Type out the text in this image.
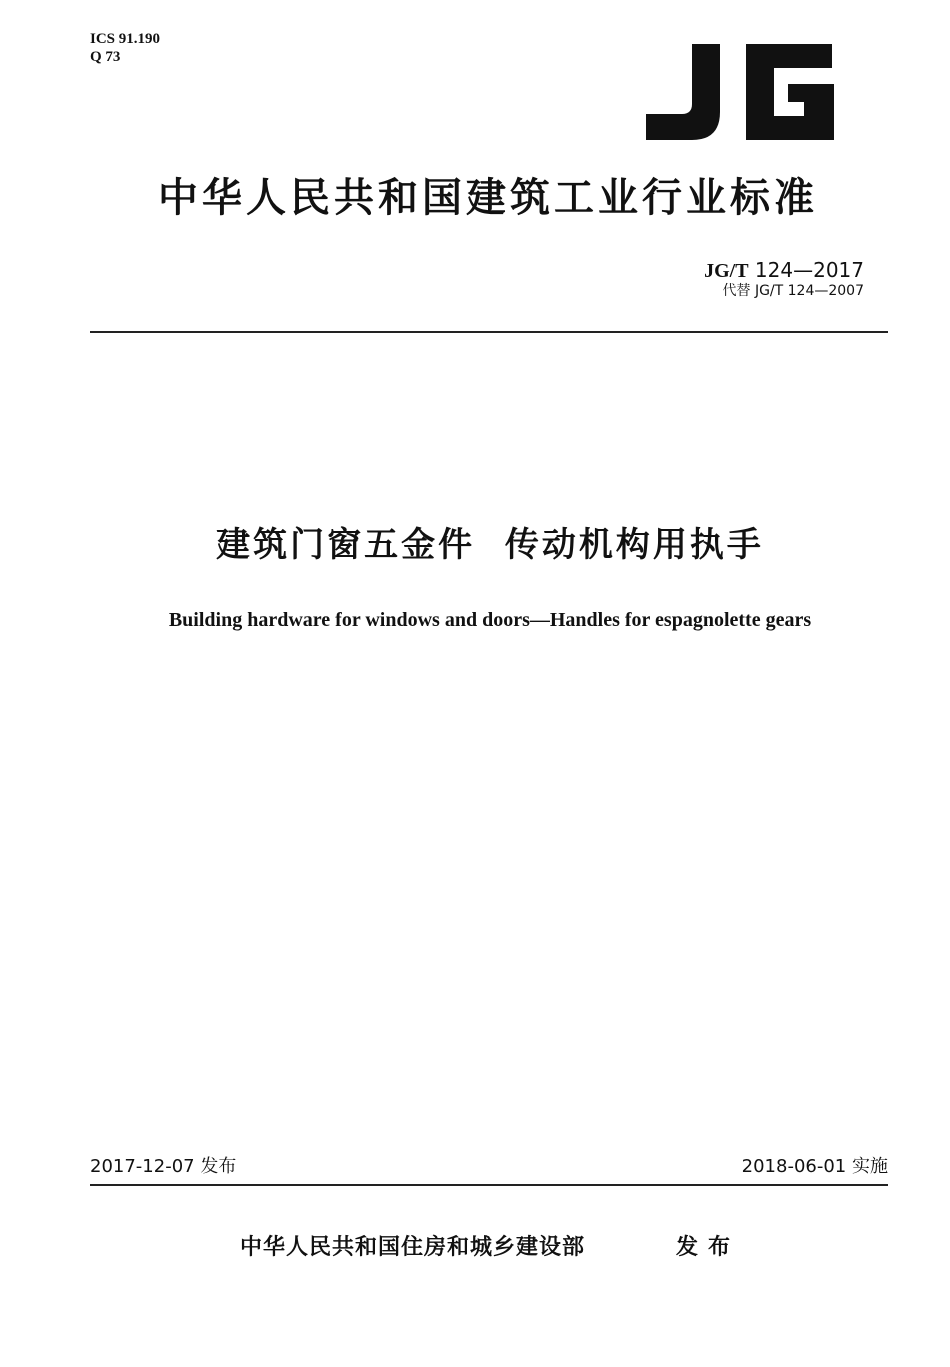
ICS 91.190
Q 73
中华人民共和国建筑工业行业标准
JG/T 124—2017
代替 JG/T 124—2007
建筑门窗五金件  传动机构用执手
Building hardware for windows and doors—Handles for espagnolette gears
2017-12-07 发布	2018-06-01 实施
中华人民共和国住房和城乡建设部	发布
